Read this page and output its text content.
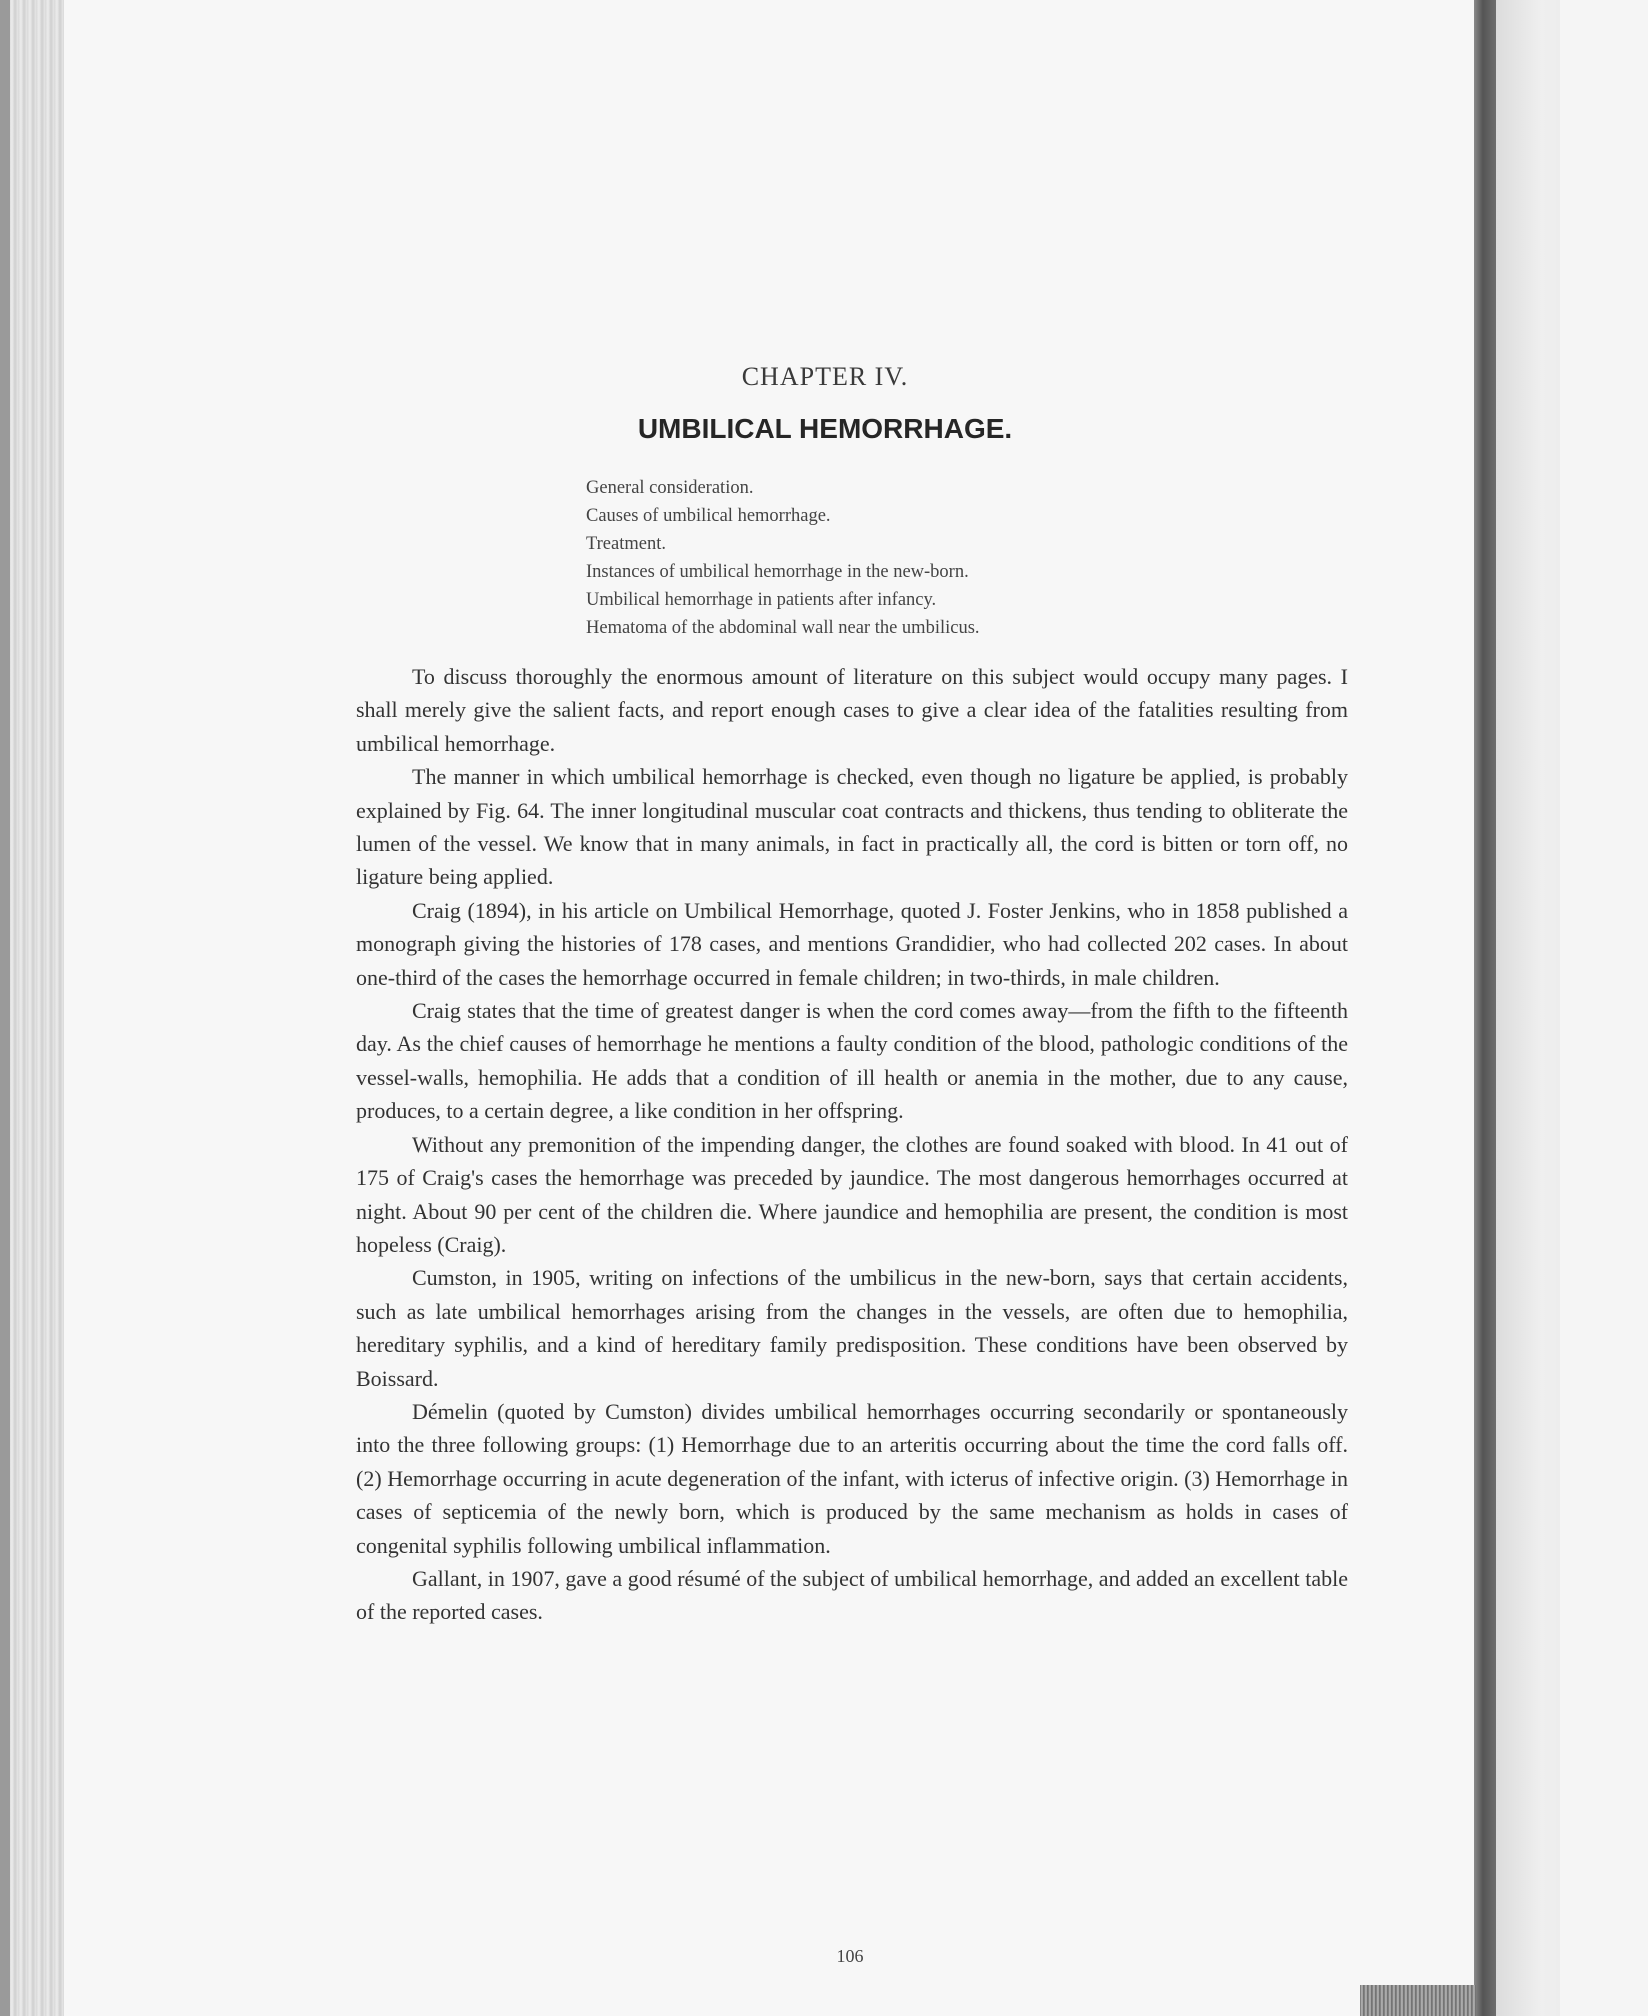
CHAPTER IV.
UMBILICAL HEMORRHAGE.
General consideration.
Causes of umbilical hemorrhage.
Treatment.
Instances of umbilical hemorrhage in the new-born.
Umbilical hemorrhage in patients after infancy.
Hematoma of the abdominal wall near the umbilicus.

To discuss thoroughly the enormous amount of literature on this subject would occupy many pages. I shall merely give the salient facts, and report enough cases to give a clear idea of the fatalities resulting from umbilical hemorrhage.

The manner in which umbilical hemorrhage is checked, even though no ligature be applied, is probably explained by Fig. 64. The inner longitudinal muscular coat contracts and thickens, thus tending to obliterate the lumen of the vessel. We know that in many animals, in fact in practically all, the cord is bitten or torn off, no ligature being applied.

Craig (1894), in his article on Umbilical Hemorrhage, quoted J. Foster Jenkins, who in 1858 published a monograph giving the histories of 178 cases, and mentions Grandidier, who had collected 202 cases. In about one-third of the cases the hemorrhage occurred in female children; in two-thirds, in male children.

Craig states that the time of greatest danger is when the cord comes away—from the fifth to the fifteenth day. As the chief causes of hemorrhage he mentions a faulty condition of the blood, pathologic conditions of the vessel-walls, hemophilia. He adds that a condition of ill health or anemia in the mother, due to any cause, produces, to a certain degree, a like condition in her offspring.

Without any premonition of the impending danger, the clothes are found soaked with blood. In 41 out of 175 of Craig's cases the hemorrhage was preceded by jaundice. The most dangerous hemorrhages occurred at night. About 90 per cent of the children die. Where jaundice and hemophilia are present, the condition is most hopeless (Craig).

Cumston, in 1905, writing on infections of the umbilicus in the new-born, says that certain accidents, such as late umbilical hemorrhages arising from the changes in the vessels, are often due to hemophilia, hereditary syphilis, and a kind of hereditary family predisposition. These conditions have been observed by Boissard.

Démelin (quoted by Cumston) divides umbilical hemorrhages occurring secondarily or spontaneously into the three following groups: (1) Hemorrhage due to an arteritis occurring about the time the cord falls off. (2) Hemorrhage occurring in acute degeneration of the infant, with icterus of infective origin. (3) Hemorrhage in cases of septicemia of the newly born, which is produced by the same mechanism as holds in cases of congenital syphilis following umbilical inflammation.

Gallant, in 1907, gave a good résumé of the subject of umbilical hemorrhage, and added an excellent table of the reported cases.

106
